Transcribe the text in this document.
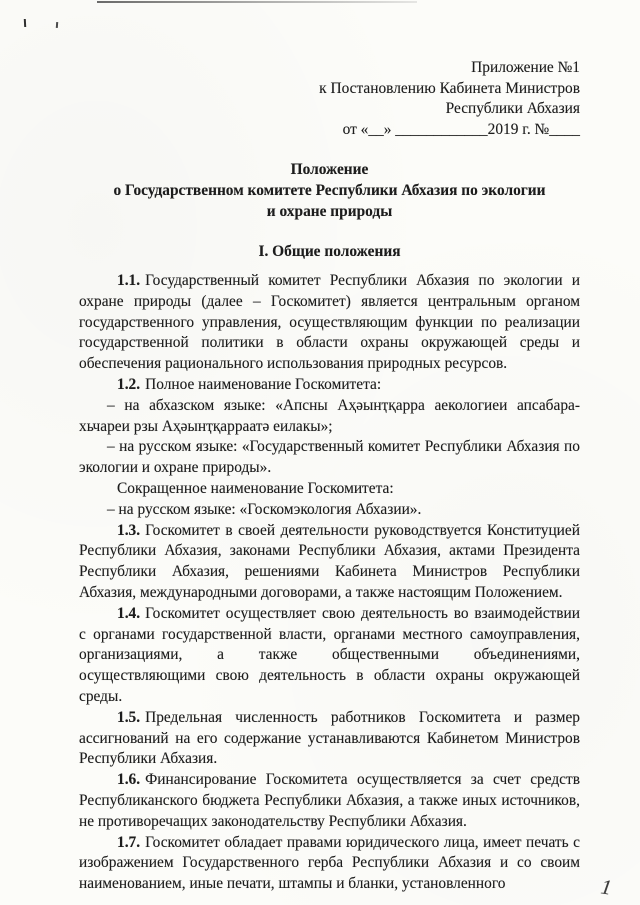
Приложение №1
к Постановлению Кабинета Министров
Республики Абхазия
от «__» ____________2019 г. №____
Положение
о Государственном комитете Республики Абхазия по экологии
и охране природы
I. Общие положения

1.1. Государственный комитет Республики Абхазия по экологии и охране природы (далее – Госкомитет) является центральным органом государственного управления, осуществляющим функции по реализации государственной политики в области охраны окружающей среды и обеспечения рационального использования природных ресурсов.

1.2. Полное наименование Госкомитета:

– на абхазском языке: «Апсны Аҳәынҭқарра аекологиеи апсабара-хьчареи рзы Аҳәынҭқарраатә еилакы»;

– на русском языке: «Государственный комитет Республики Абхазия по экологии и охране природы».

Сокращенное наименование Госкомитета:

– на русском языке: «Госкомэкология Абхазии».

1.3. Госкомитет в своей деятельности руководствуется Конституцией Республики Абхазия, законами Республики Абхазия, актами Президента Республики Абхазия, решениями Кабинета Министров Республики Абхазия, международными договорами, а также настоящим Положением.

1.4. Госкомитет осуществляет свою деятельность во взаимодействии с органами государственной власти, органами местного самоуправления, организациями, а также общественными объединениями, осуществляющими свою деятельность в области охраны окружающей среды.

1.5. Предельная численность работников Госкомитета и размер ассигнований на его содержание устанавливаются Кабинетом Министров Республики Абхазия.

1.6. Финансирование Госкомитета осуществляется за счет средств Республиканского бюджета Республики Абхазия, а также иных источников, не противоречащих законодательству Республики Абхазия.

1.7. Госкомитет обладает правами юридического лица, имеет печать с изображением Государственного герба Республики Абхазия и со своим наименованием, иные печати, штампы и бланки, установленного	1
